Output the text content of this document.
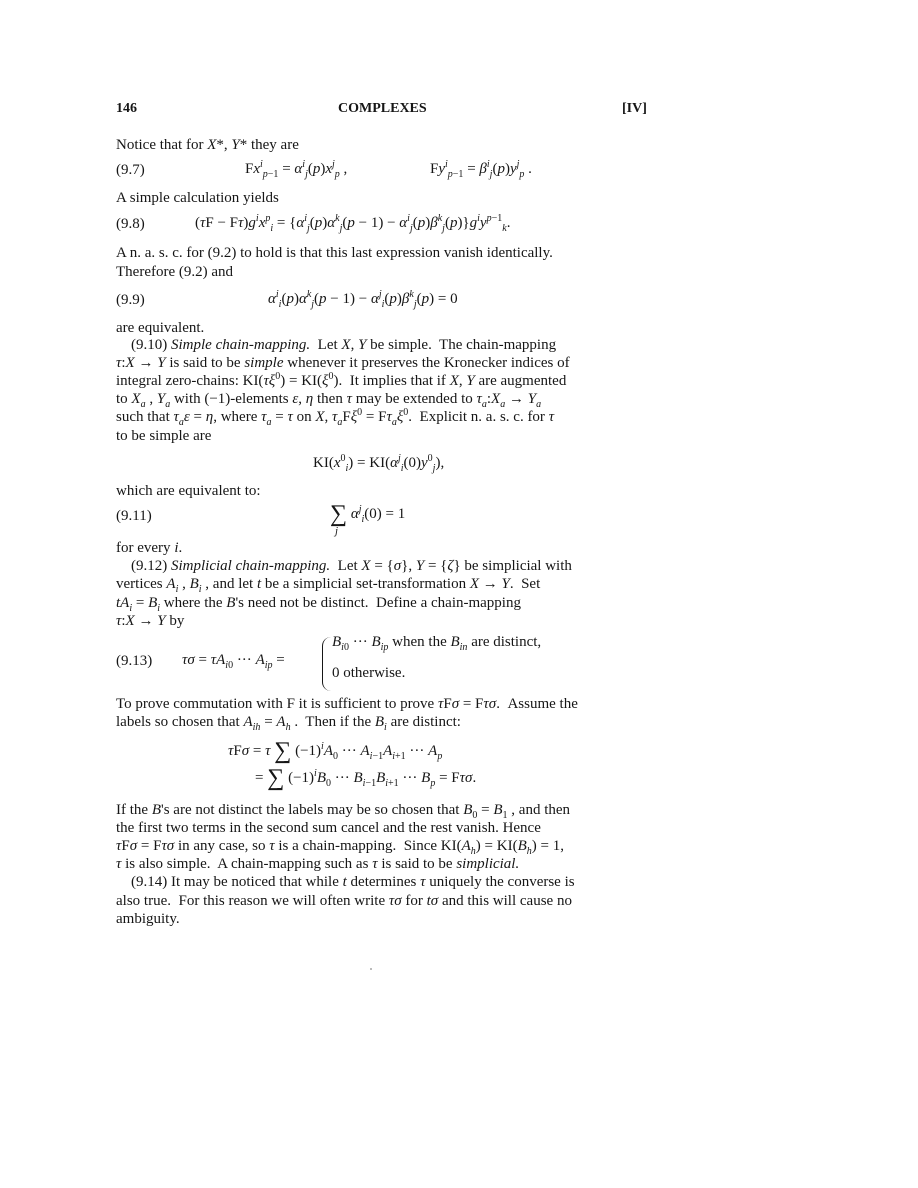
146	COMPLEXES	[IV]
Notice that for X*, Y* they are
(9.7)	$Fx^i_{p-1} = \alpha^i_j(p)x^j_p$ ,	$Fy^i_{p-1} = \beta^i_j(p)y^j_p$ .
A simple calculation yields
(9.8)	$(\tau F - F\tau)g^ix^p_i = \{\alpha^i_j(p)\alpha^k_j(p - 1) - \alpha^i_j(p)\beta^k_j(p)\}g^iy^{p-1}_k$.
A n. a. s. c. for (9.2) to hold is that this last expression vanish identically.
Therefore (9.2) and
(9.9)	$\alpha^i_i(p)\alpha^k_j(p - 1) - \alpha^j_i(p)\beta^k_j(p) = 0$
are equivalent.
(9.10) Simple chain-mapping.  Let X, Y be simple.  The chain-mapping
τ:X → Y is said to be simple whenever it preserves the Kronecker indices of
integral zero-chains: $KI(\tau\xi^0) = KI(\xi^0)$.  It implies that if X, Y are augmented
to $X_a$ , $Y_a$ with (−1)-elements ε, η then τ may be extended to $\tau_a:X_a \to Y_a$
such that $\tau_a\varepsilon = \eta$, where $\tau_a = \tau$ on X, $\tau_aF\xi^0 = F\tau_a\xi^0$.  Explicit n. a. s. c. for τ
to be simple are
$KI(x^0_i) = KI(\alpha^j_i(0)y^0_j)$,
which are equivalent to:
(9.11)	∑ $\alpha^j_i(0) = 1$
j
for every i.
(9.12) Simplicial chain-mapping.  Let X = {σ}, Y = {ζ} be simplicial with
vertices $A_i$ , $B_i$ , and let t be a simplicial set-transformation X → Y.  Set
$tA_i = B_i$ where the B's need not be distinct.  Define a chain-mapping
τ:X → Y by
(9.13) $\tau\sigma = \tau A_{i0}$ ··· $A_{ip}$ =
$B_{i0}$ ··· $B_{ip}$ when the $B_{in}$ are distinct,
0 otherwise.
To prove commutation with F it is sufficient to prove τFσ = Fτσ.  Assume the
labels so chosen that $A_{ih} = A_h$ .  Then if the $B_i$ are distinct:
τFσ = τ ∑ $(-1)^iA_0$ ··· $A_{i-1}A_{i+1}$ ··· $A_p$
= ∑ $(-1)^iB_0$ ··· $B_{i-1}B_{i+1}$ ··· $B_p = F\tau\sigma$.
If the B's are not distinct the labels may be so chosen that $B_0 = B_1$ , and then
the first two terms in the second sum cancel and the rest vanish. Hence
τFσ = Fτσ in any case, so τ is a chain-mapping.  Since $KI(A_h) = KI(B_h) = 1$,
τ is also simple.  A chain-mapping such as τ is said to be simplicial.
(9.14) It may be noticed that while t determines τ uniquely the converse is
also true.  For this reason we will often write τσ for tσ and this will cause no
ambiguity.
